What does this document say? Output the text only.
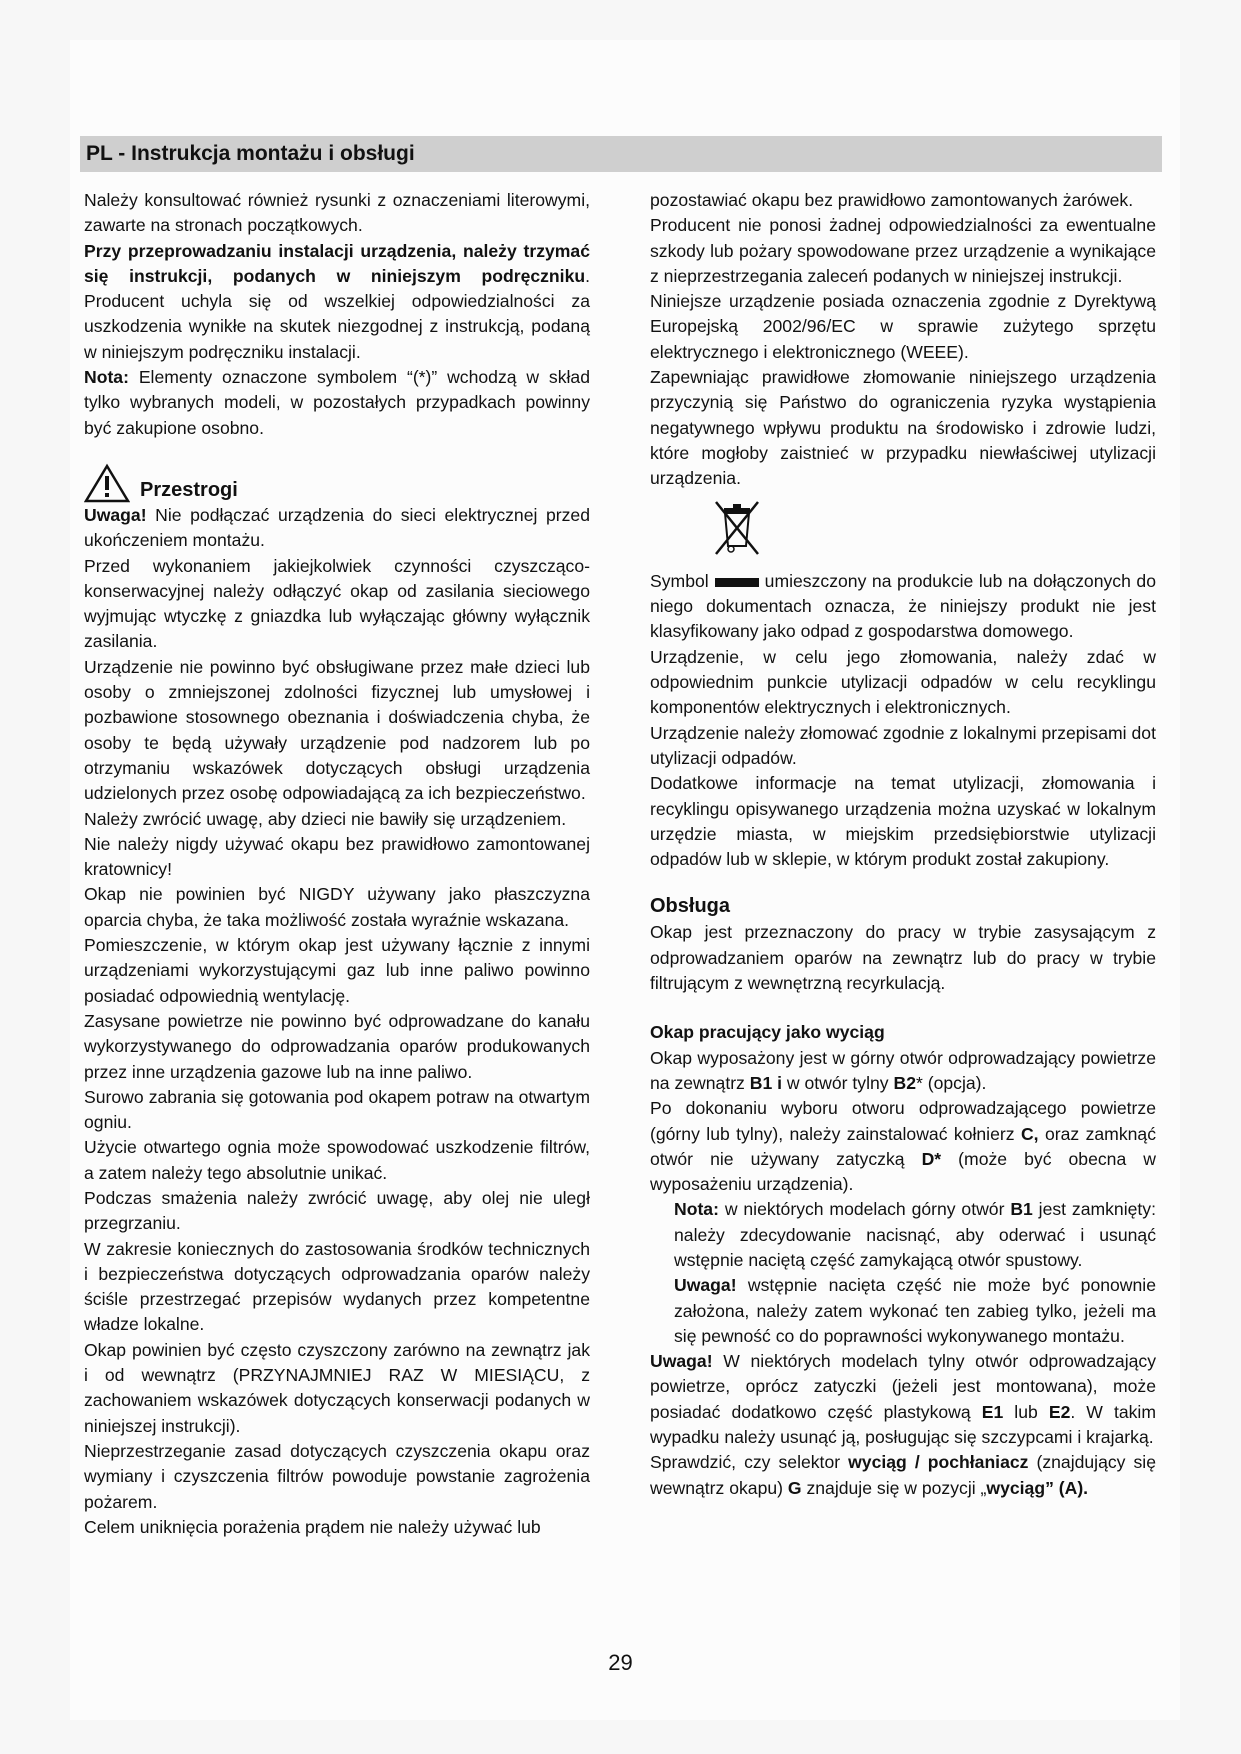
PL - Instrukcja montażu i obsługi

Należy konsultować również rysunki z oznaczeniami literowymi, zawarte na stronach początkowych.

Przy przeprowadzaniu instalacji urządzenia, należy trzymać się instrukcji, podanych w niniejszym podręczniku. Producent uchyla się od wszelkiej odpowiedzialności za uszkodzenia wynikłe na skutek niezgodnej z instrukcją, podaną w niniejszym podręczniku instalacji.

Nota: Elementy oznaczone symbolem “(*)” wchodzą w skład tylko wybranych modeli, w pozostałych przypadkach powinny być zakupione osobno.

Przestrogi

Uwaga! Nie podłączać urządzenia do sieci elektrycznej przed ukończeniem montażu.

Przed wykonaniem jakiejkolwiek czynności czyszcząco-konserwacyjnej należy odłączyć okap od zasilania sieciowego wyjmując wtyczkę z gniazdka lub wyłączając główny wyłącznik zasilania.

Urządzenie nie powinno być obsługiwane przez małe dzieci lub osoby o zmniejszonej zdolności fizycznej lub umysłowej i pozbawione stosownego obeznania i doświadczenia chyba, że osoby te będą używały urządzenie pod nadzorem lub po otrzymaniu wskazówek dotyczących obsługi urządzenia udzielonych przez osobę odpowiadającą za ich bezpieczeństwo.

Należy zwrócić uwagę, aby dzieci nie bawiły się urządzeniem.

Nie należy nigdy używać okapu bez prawidłowo zamontowanej kratownicy!

Okap nie powinien być NIGDY używany jako płaszczyzna oparcia chyba, że taka możliwość została wyraźnie wskazana.

Pomieszczenie, w którym okap jest używany łącznie z innymi urządzeniami wykorzystującymi gaz lub inne paliwo powinno posiadać odpowiednią wentylację.

Zasysane powietrze nie powinno być odprowadzane do kanału wykorzystywanego do odprowadzania oparów produkowanych przez inne urządzenia gazowe lub na inne paliwo.

Surowo zabrania się gotowania pod okapem potraw na otwartym ogniu.

Użycie otwartego ognia może spowodować uszkodzenie filtrów, a zatem należy tego absolutnie unikać.

Podczas smażenia należy zwrócić uwagę, aby olej nie uległ przegrzaniu.

W zakresie koniecznych do zastosowania środków technicznych i bezpieczeństwa dotyczących odprowadzania oparów należy ściśle przestrzegać przepisów wydanych przez kompetentne władze lokalne.

Okap powinien być często czyszczony zarówno na zewnątrz jak i od wewnątrz (PRZYNAJMNIEJ RAZ W MIESIĄCU, z zachowaniem wskazówek dotyczących konserwacji podanych w niniejszej instrukcji).

Nieprzestrzeganie zasad dotyczących czyszczenia okapu oraz wymiany i czyszczenia filtrów powoduje powstanie zagrożenia pożarem.

Celem uniknięcia porażenia prądem nie należy używać lub

pozostawiać okapu bez prawidłowo zamontowanych żarówek.

Producent nie ponosi żadnej odpowiedzialności za ewentualne szkody lub pożary spowodowane przez urządzenie a wynikające z nieprzestrzegania zaleceń podanych w niniejszej instrukcji.

Niniejsze urządzenie posiada oznaczenia zgodnie z Dyrektywą Europejską 2002/96/EC w sprawie zużytego sprzętu elektrycznego i elektronicznego (WEEE).

Zapewniając prawidłowe złomowanie niniejszego urządzenia przyczynią się Państwo do ograniczenia ryzyka wystąpienia negatywnego wpływu produktu na środowisko i zdrowie ludzi, które mogłoby zaistnieć w przypadku niewłaściwej utylizacji urządzenia.

Symbol	umieszczony na produkcie lub na dołączonych do niego dokumentach oznacza, że niniejszy produkt nie jest klasyfikowany jako odpad z gospodarstwa domowego.

Urządzenie, w celu jego złomowania, należy zdać w odpowiednim punkcie utylizacji odpadów w celu recyklingu komponentów elektrycznych i elektronicznych.

Urządzenie należy złomować zgodnie z lokalnymi przepisami dot utylizacji odpadów.

Dodatkowe informacje na temat utylizacji, złomowania i recyklingu opisywanego urządzenia można uzyskać w lokalnym urzędzie miasta, w miejskim przedsiębiorstwie utylizacji odpadów lub w sklepie, w którym produkt został zakupiony.

Obsługa

Okap jest przeznaczony do pracy w trybie zasysającym z odprowadzaniem oparów na zewnątrz lub do pracy w trybie filtrującym z wewnętrzną recyrkulacją.

Okap pracujący jako wyciąg

Okap wyposażony jest w górny otwór odprowadzający powietrze na zewnątrz B1 i w otwór tylny B2* (opcja).

Po dokonaniu wyboru otworu odprowadzającego powietrze (górny lub tylny), należy zainstalować kołnierz C, oraz zamknąć otwór nie używany zatyczką D* (może być obecna w wyposażeniu urządzenia).

Nota: w niektórych modelach górny otwór B1 jest zamknięty: należy zdecydowanie nacisnąć, aby oderwać i usunąć wstępnie naciętą część zamykającą otwór spustowy.

Uwaga! wstępnie nacięta część nie może być ponownie założona, należy zatem wykonać ten zabieg tylko, jeżeli ma się pewność co do poprawności wykonywanego montażu.

Uwaga! W niektórych modelach tylny otwór odprowadzający powietrze, oprócz zatyczki (jeżeli jest montowana), może posiadać dodatkowo część plastykową E1 lub E2. W takim wypadku należy usunąć ją, posługując się szczypcami i krajarką.

Sprawdzić, czy selektor wyciąg / pochłaniacz (znajdujący się wewnątrz okapu) G znajduje się w pozycji „wyciąg” (A).

29
